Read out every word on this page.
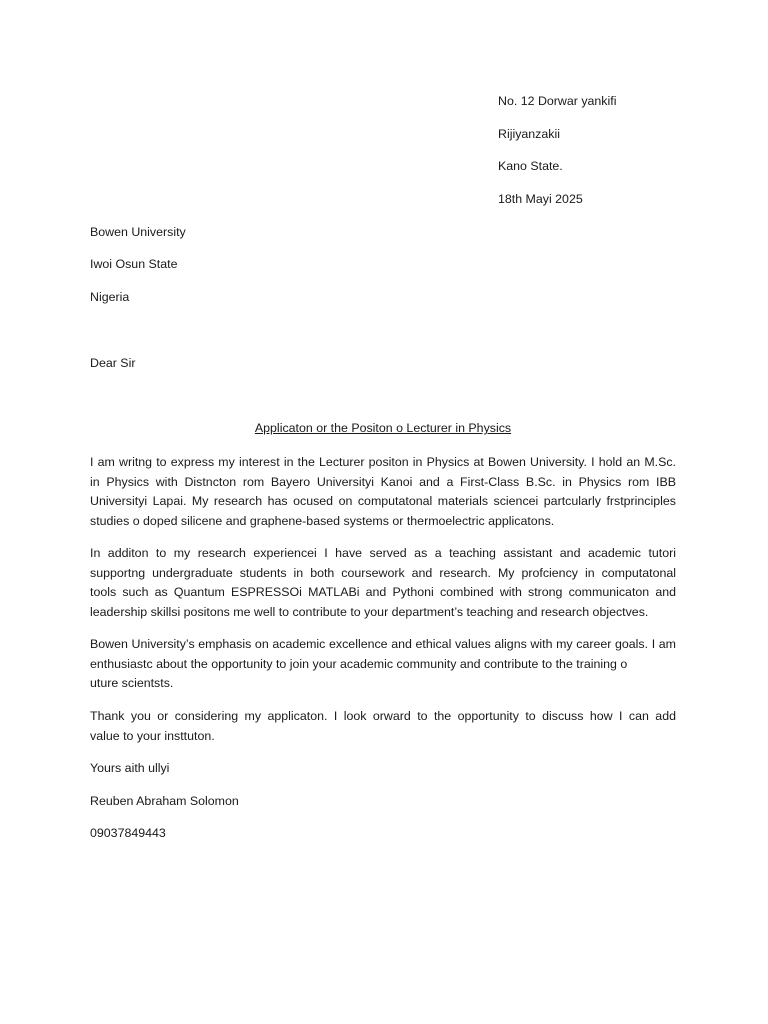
No. 12 Dorwar yankifi
Rijiyanzakii
Kano State.
18th Mayi 2025
Bowen University
Iwoi Osun State
Nigeria
Dear Sir
Applicaton or the Positon o Lecturer in Physics
I am writng to express my interest in the Lecturer positon in Physics at Bowen University. I hold an M.Sc.
in Physics with Distncton rom Bayero Universityi Kanoi and a First-Class B.Sc. in Physics rom IBB
Universityi Lapai. My research has ocused on computatonal materials sciencei partcularly frstprinciples
studies o doped silicene and graphene-based systems or thermoelectric applicatons.
In additon to my research experiencei I have served as a teaching assistant and academic tutori
supportng undergraduate students in both coursework and research. My profciency in computatonal
tools such as Quantum ESPRESSOi MATLABi and Pythoni combined with strong communicaton and
leadership skillsi positons me well to contribute to your department’s teaching and research objectves.
Bowen University’s emphasis on academic excellence and ethical values aligns with my career goals. I am
enthusiastc about the opportunity to join your academic community and contribute to the training o
uture scientsts.
Thank you or considering my applicaton. I look orward to the opportunity to discuss how I can add
value to your insttuton.
Yours aith ullyi
Reuben Abraham Solomon
09037849443
